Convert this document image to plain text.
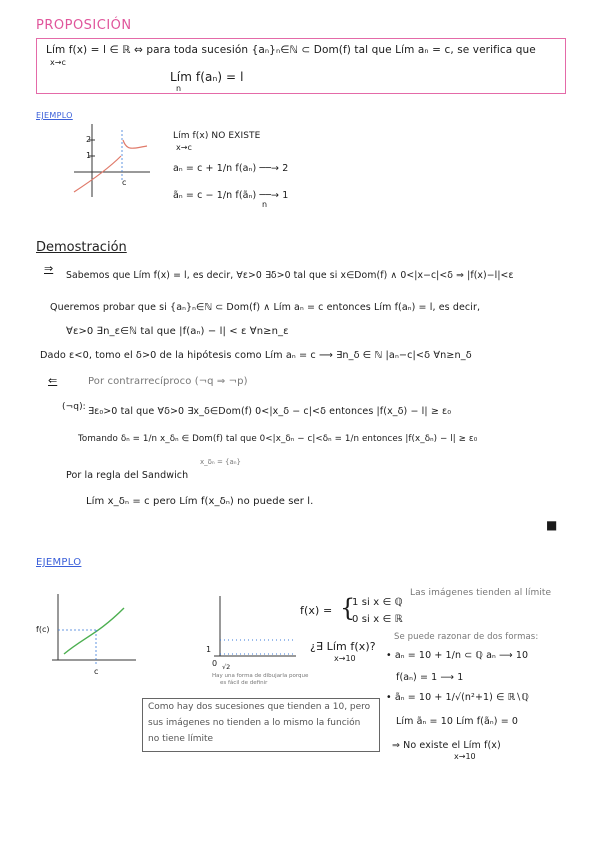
PROPOSICIÓN
Lím f(x) = l ∈ ℝ ⇔ para toda sucesión {aₙ}ₙ∈ℕ ⊂ Dom(f) tal que Lím aₙ = c, se verifica que
x→c
Lím f(aₙ) = l
n
EJEMPLO
2
1
c
Lím f(x) NO EXISTE
x→c
aₙ = c + 1/n f(aₙ) ──→ 2
ãₙ = c − 1/n f(ãₙ) ──→ 1
n
Demostración
⇒
Sabemos que Lím f(x) = l, es decir, ∀ε>0 ∃δ>0 tal que si x∈Dom(f) ∧ 0<|x−c|<δ ⇒ |f(x)−l|<ε
Queremos probar que si {aₙ}ₙ∈ℕ ⊂ Dom(f) ∧ Lím aₙ = c entonces Lím f(aₙ) = l, es decir,
∀ε>0 ∃n_ε∈ℕ tal que |f(aₙ) − l| < ε ∀n≥n_ε
Dado ε<0, tomo el δ>0 de la hipótesis como Lím aₙ = c ⟶ ∃n_δ ∈ ℕ |aₙ−c|<δ ∀n≥n_δ
⇐	Por contrarrecíproco (¬q ⇒ ¬p)
(¬q): ∃ε₀>0 tal que ∀δ>0 ∃x_δ∈Dom(f) 0<|x_δ − c|<δ entonces |f(x_δ) − l| ≥ ε₀
Tomando δₙ = 1/n x_δₙ ∈ Dom(f) tal que 0<|x_δₙ − c|<δₙ = 1/n entonces |f(x_δₙ) − l| ≥ ε₀
x_δₙ = {aₙ}
Por la regla del Sandwich
Lím x_δₙ = c pero Lím f(x_δₙ) no puede ser l.
■
EJEMPLO
f(c)
c
1
0 √2
Hay una forma de dibujarla porque
es fácil de definir
f(x) = {
1 si x ∈ ℚ
0 si x ∈ ℝ
Las imágenes tienden al límite
¿∃ Lím f(x)?
x→10
Se puede razonar de dos formas:
• aₙ = 10 + 1/n ⊂ ℚ aₙ ⟶ 10
f(aₙ) = 1 ⟶ 1
• ãₙ = 10 + 1/√(n²+1) ∈ ℝ∖ℚ
Lím ãₙ = 10 Lím f(ãₙ) = 0
⇒ No existe el Lím f(x)
x→10
Como hay dos sucesiones que tienden a 10, pero
sus imágenes no tienden a lo mismo la función
no tiene límite
